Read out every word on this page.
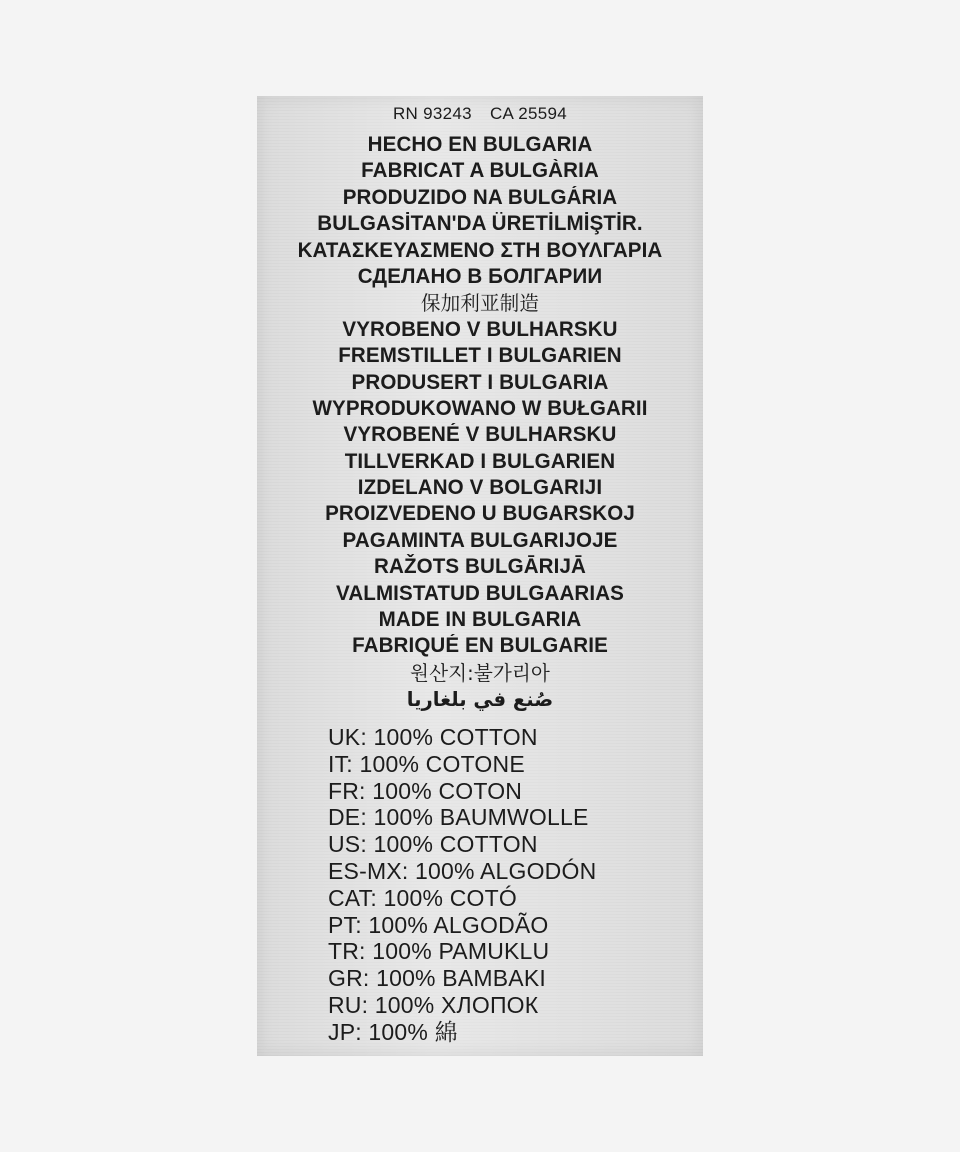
RN 93243 CA 25594
HECHO EN BULGARIA
FABRICAT A BULGÀRIA
PRODUZIDO NA BULGÁRIA
BULGASİTAN'DA ÜRETİLMİŞTİR.
ΚΑΤΑΣΚΕΥΑΣΜΕΝΟ ΣΤΗ ΒΟΥΛΓΑΡΙΑ
СДЕЛАНО В БОЛГАРИИ
保加利亚制造
VYROBENO V BULHARSKU
FREMSTILLET I BULGARIEN
PRODUSERT I BULGARIA
WYPRODUKOWANO W BUŁGARII
VYROBENÉ V BULHARSKU
TILLVERKAD I BULGARIEN
IZDELANO V BOLGARIJI
PROIZVEDENO U BUGARSKOJ
PAGAMINTA BULGARIJOJE
RAŽOTS BULGĀRIJĀ
VALMISTATUD BULGAARIAS
MADE IN BULGARIA
FABRIQUÉ EN BULGARIE
원산지:불가리아
صُنع في بلغاريا
UK: 100% COTTON
IT: 100% COTONE
FR: 100% COTON
DE: 100% BAUMWOLLE
US: 100% COTTON
ES-MX: 100% ALGODÓN
CAT: 100% COTÓ
PT: 100% ALGODÃO
TR: 100% PAMUKLU
GR: 100% BAMBAKI
RU: 100% ХЛОПОК
JP: 100% 綿
